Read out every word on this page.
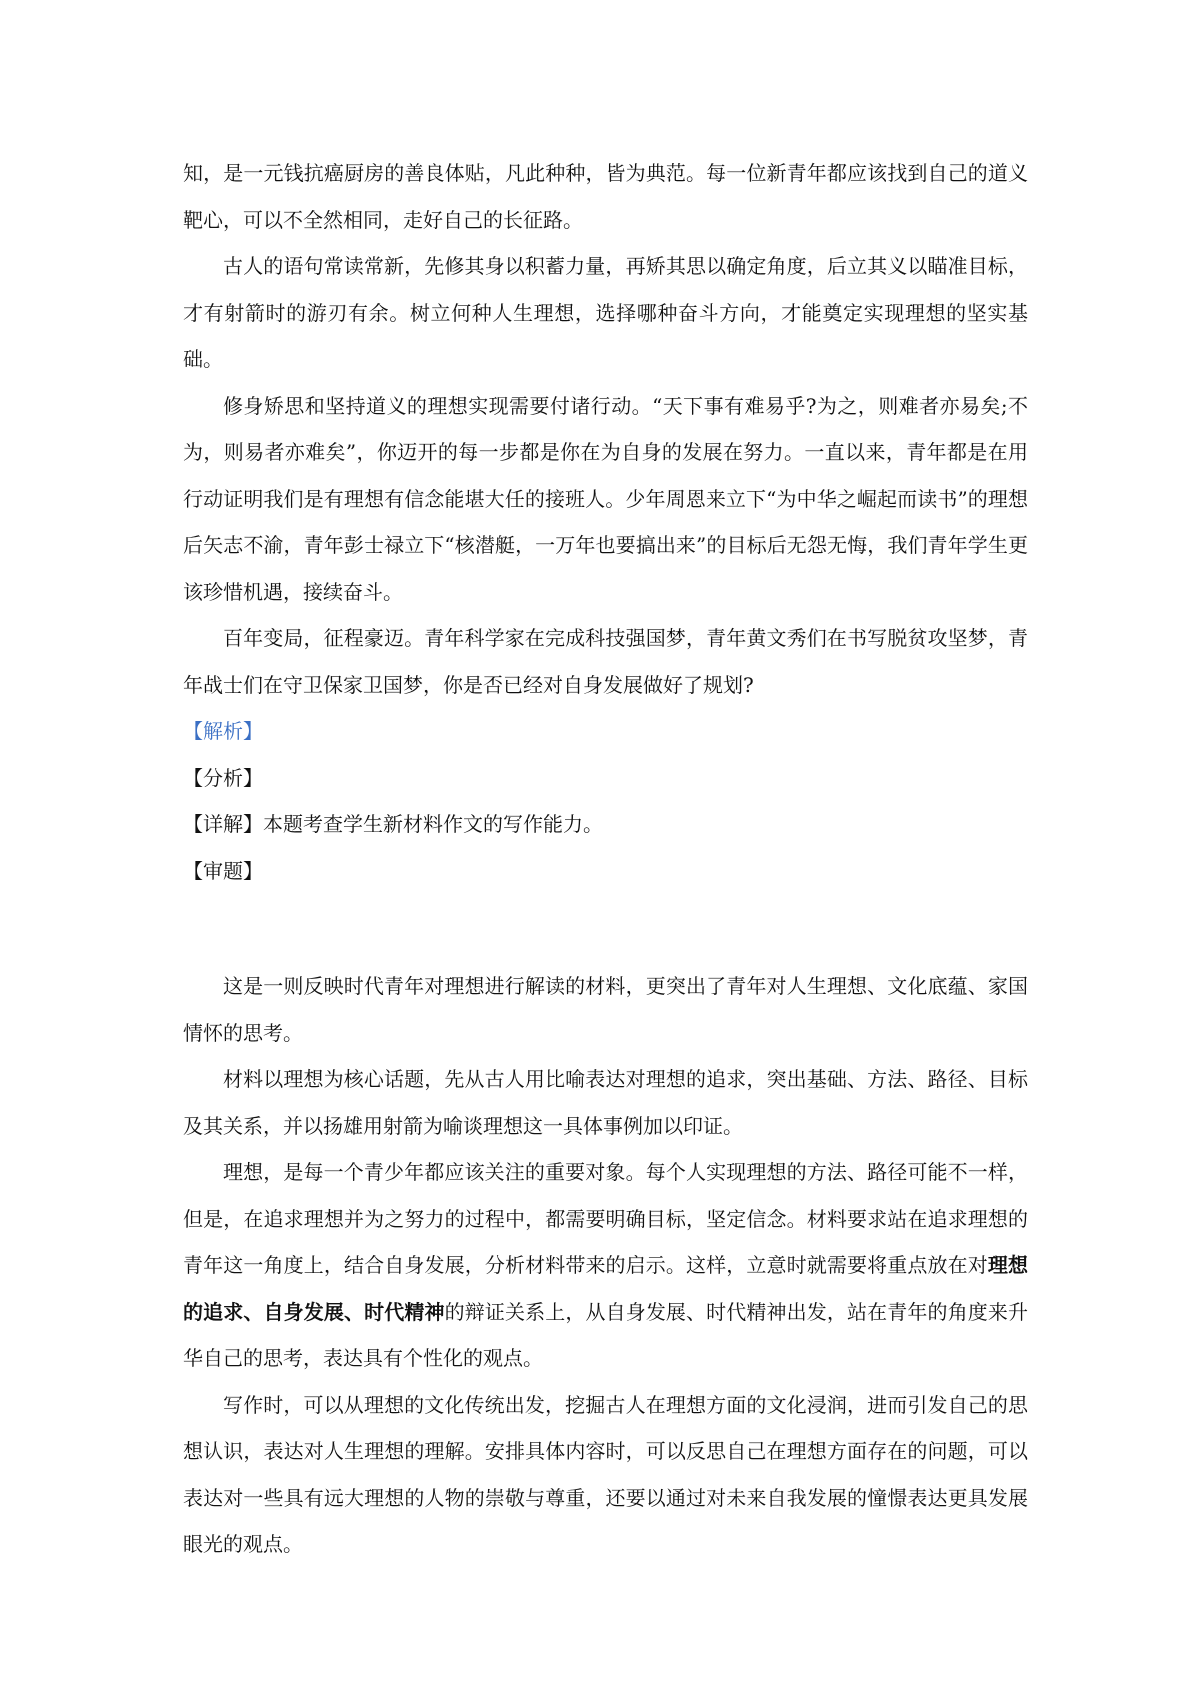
知，是一元钱抗癌厨房的善良体贴，凡此种种，皆为典范。每一位新青年都应该找到自己的道义靶心，可以不全然相同，走好自己的长征路。

古人的语句常读常新，先修其身以积蓄力量，再矫其思以确定角度，后立其义以瞄准目标，才有射箭时的游刃有余。树立何种人生理想，选择哪种奋斗方向，才能奠定实现理想的坚实基础。

修身矫思和坚持道义的理想实现需要付诸行动。“天下事有难易乎?为之，则难者亦易矣;不为，则易者亦难矣”，你迈开的每一步都是你在为自身的发展在努力。一直以来，青年都是在用行动证明我们是有理想有信念能堪大任的接班人。少年周恩来立下“为中华之崛起而读书”的理想后矢志不渝，青年彭士禄立下“核潜艇，一万年也要搞出来”的目标后无怨无悔，我们青年学生更该珍惜机遇，接续奋斗。

百年变局，征程豪迈。青年科学家在完成科技强国梦，青年黄文秀们在书写脱贫攻坚梦，青年战士们在守卫保家卫国梦，你是否已经对自身发展做好了规划?

【解析】

【分析】

【详解】本题考查学生新材料作文的写作能力。

【审题】

这是一则反映时代青年对理想进行解读的材料，更突出了青年对人生理想、文化底蕴、家国情怀的思考。

材料以理想为核心话题，先从古人用比喻表达对理想的追求，突出基础、方法、路径、目标及其关系，并以扬雄用射箭为喻谈理想这一具体事例加以印证。

理想，是每一个青少年都应该关注的重要对象。每个人实现理想的方法、路径可能不一样，但是，在追求理想并为之努力的过程中，都需要明确目标，坚定信念。材料要求站在追求理想的青年这一角度上，结合自身发展，分析材料带来的启示。这样，立意时就需要将重点放在对理想的追求、自身发展、时代精神的辩证关系上，从自身发展、时代精神出发，站在青年的角度来升华自己的思考，表达具有个性化的观点。

写作时，可以从理想的文化传统出发，挖掘古人在理想方面的文化浸润，进而引发自己的思想认识，表达对人生理想的理解。安排具体内容时，可以反思自己在理想方面存在的问题，可以表达对一些具有远大理想的人物的崇敬与尊重，还要以通过对未来自我发展的憧憬表达更具发展眼光的观点。
